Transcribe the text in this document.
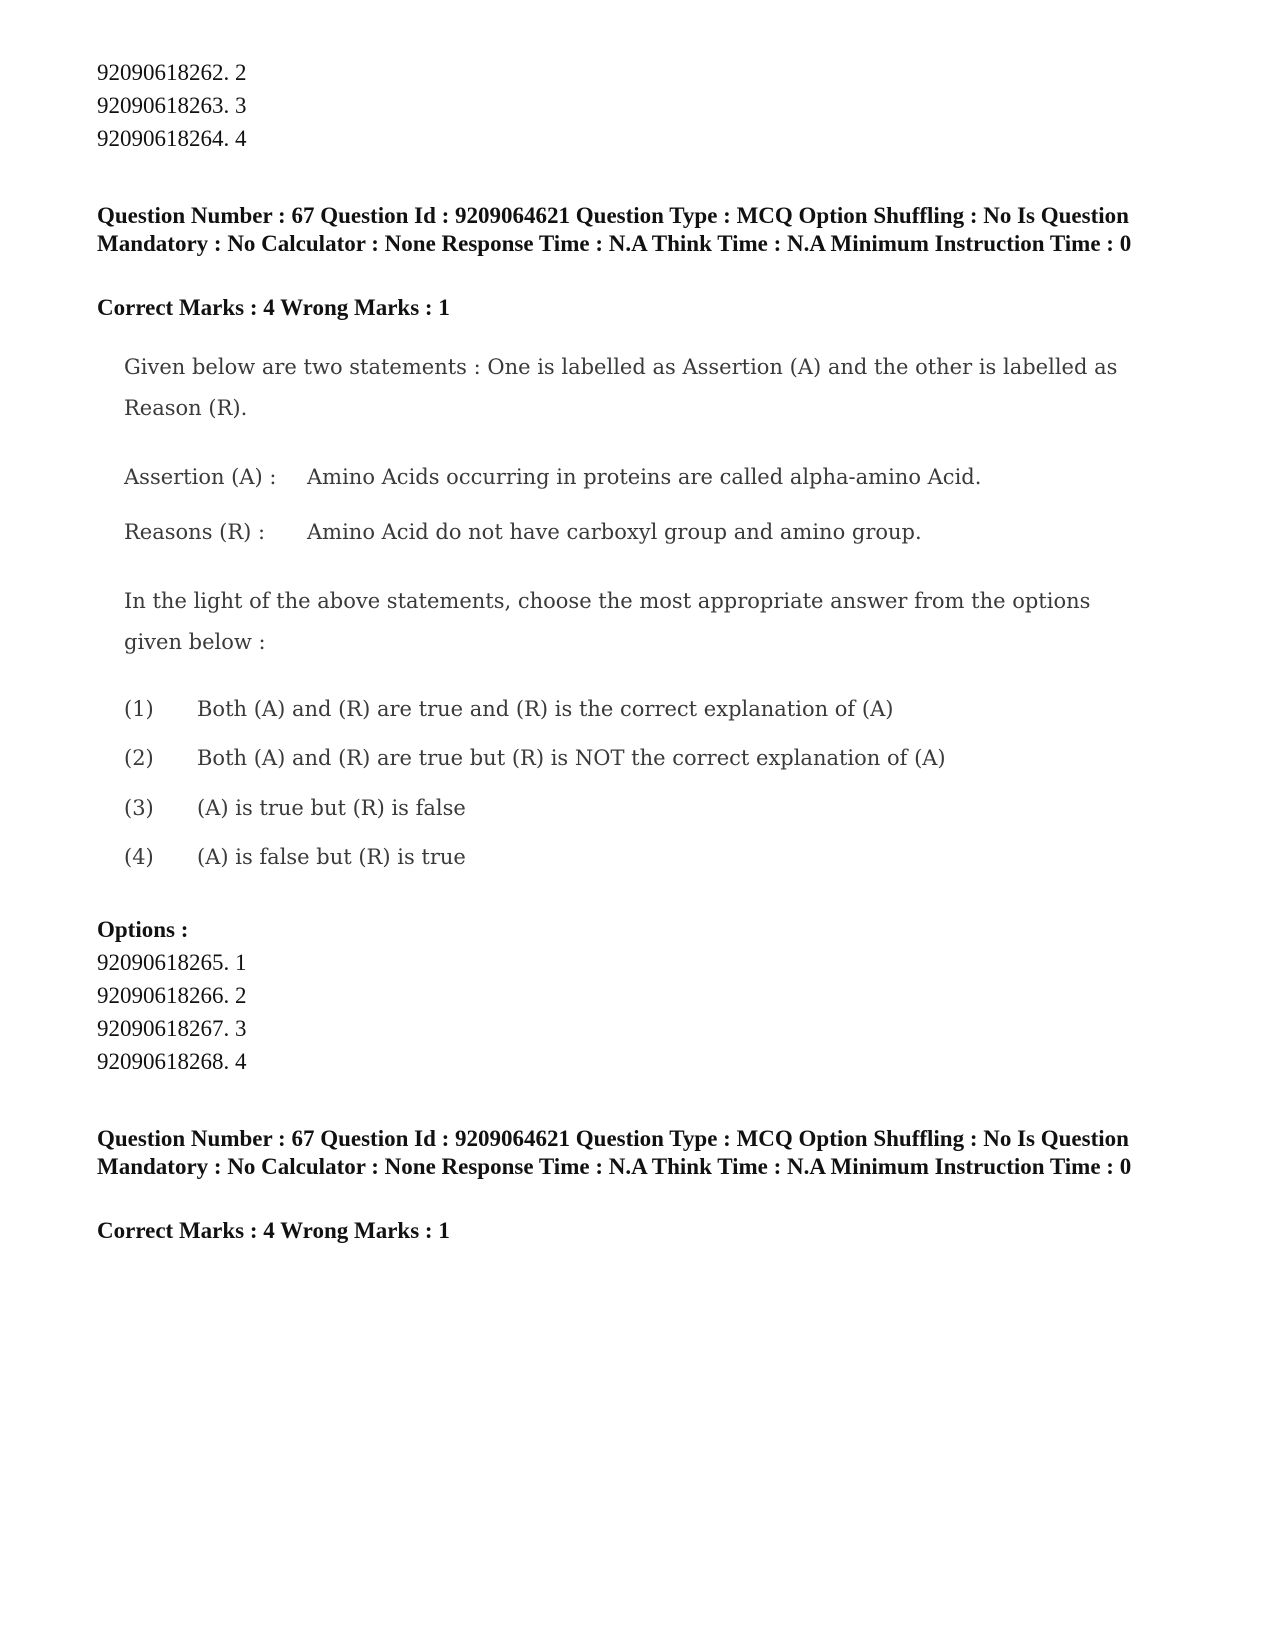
92090618262. 2
92090618263. 3
92090618264. 4
Question Number : 67 Question Id : 9209064621 Question Type : MCQ Option Shuffling : No Is Question Mandatory : No Calculator : None Response Time : N.A Think Time : N.A Minimum Instruction Time : 0
Correct Marks : 4 Wrong Marks : 1
Given below are two statements : One is labelled as Assertion (A) and the other is labelled as
Reason (R).
Assertion (A) : Amino Acids occurring in proteins are called alpha-amino Acid.
Reasons (R) : Amino Acid do not have carboxyl group and amino group.
In the light of the above statements, choose the most appropriate answer from the options
given below :
(1) Both (A) and (R) are true and (R) is the correct explanation of (A)
(2) Both (A) and (R) are true but (R) is NOT the correct explanation of (A)
(3) (A) is true but (R) is false
(4) (A) is false but (R) is true
Options :
92090618265. 1
92090618266. 2
92090618267. 3
92090618268. 4
Question Number : 67 Question Id : 9209064621 Question Type : MCQ Option Shuffling : No Is Question Mandatory : No Calculator : None Response Time : N.A Think Time : N.A Minimum Instruction Time : 0
Correct Marks : 4 Wrong Marks : 1
